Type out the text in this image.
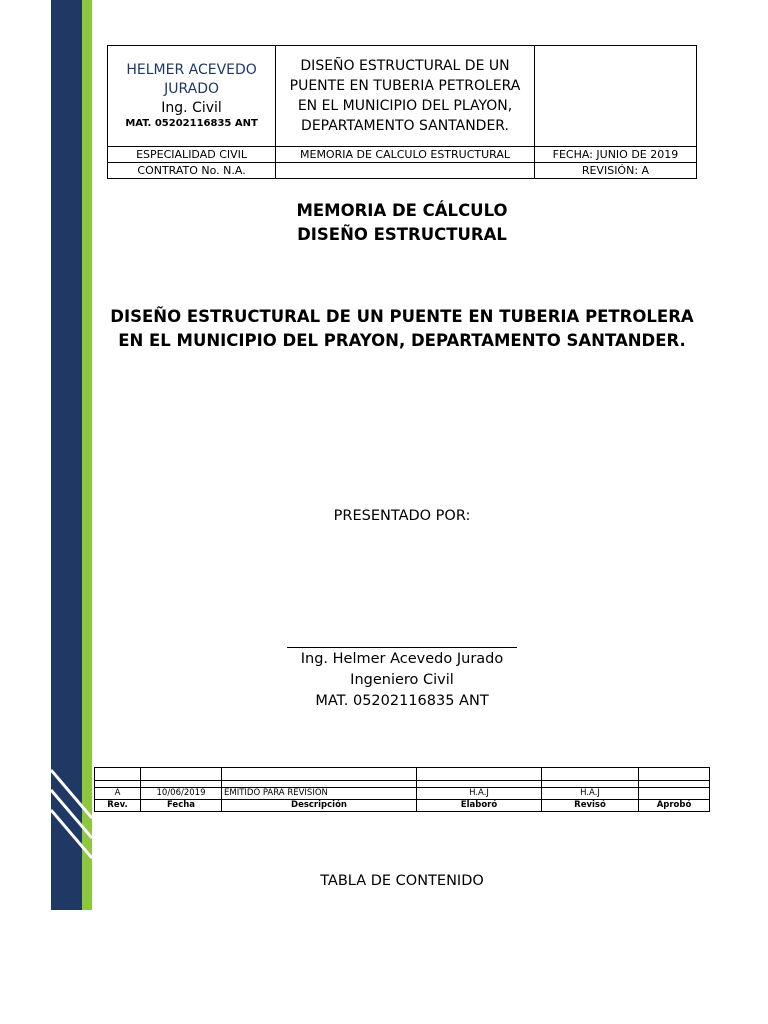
HELMER ACEVEDO JURADO
Ing. Civil
MAT. 05202116835 ANT	DISEÑO ESTRUCTURAL DE UN PUENTE EN TUBERIA PETROLERA EN EL MUNICIPIO DEL PLAYON, DEPARTAMENTO SANTANDER.	
ESPECIALIDAD CIVIL	MEMORIA DE CALCULO ESTRUCTURAL	FECHA: JUNIO DE 2019
CONTRATO No. N.A.		REVISIÓN: A
MEMORIA DE CÁLCULO
DISEÑO ESTRUCTURAL
DISEÑO ESTRUCTURAL DE UN PUENTE EN TUBERIA PETROLERA
EN EL MUNICIPIO DEL PRAYON, DEPARTAMENTO SANTANDER.
PRESENTADO POR:
Ing. Helmer Acevedo Jurado
Ingeniero Civil
MAT. 05202116835 ANT

A	10/06/2019	EMITIDO PARA REVISIÓN	H.A.J	H.A.J	
Rev.	Fecha	Descripción	Elaboró	Revisó	Aprobó
TABLA DE CONTENIDO
